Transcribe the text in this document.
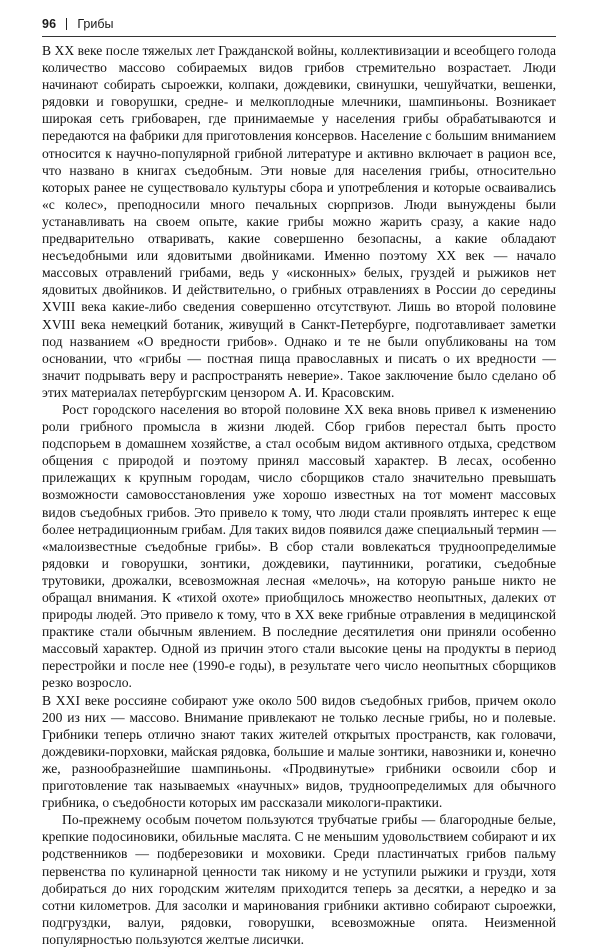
96 Грибы

В XX веке после тяжелых лет Гражданской войны, коллективизации и всеобщего голода количество массово собираемых видов грибов стремительно возрастает. Люди начинают собирать сыроежки, колпаки, дождевики, свинушки, чешуйчатки, вешенки, рядовки и говорушки, средне- и мелкоплодные млечники, шампиньоны. Возникает широкая сеть грибоварен, где принимаемые у населения грибы обрабатываются и передаются на фабрики для приготовления консервов. Население с большим вниманием относится к научно-популярной грибной литературе и активно включает в рацион все, что названо в книгах съедобным. Эти новые для населения грибы, относительно которых ранее не существовало культуры сбора и употребления и которые осваивались «с колес», преподносили много печальных сюрпризов. Люди вынуждены были устанавливать на своем опыте, какие грибы можно жарить сразу, а какие надо предварительно отваривать, какие совершенно безопасны, а какие обладают несъедобными или ядовитыми двойниками. Именно поэтому XX век — начало массовых отравлений грибами, ведь у «исконных» белых, груздей и рыжиков нет ядовитых двойников. И действительно, о грибных отравлениях в России до середины XVIII века какие-либо сведения совершенно отсутствуют. Лишь во второй половине XVIII века немецкий ботаник, живущий в Санкт-Петербурге, подготавливает заметки под названием «О вредности грибов». Однако и те не были опубликованы на том основании, что «грибы — постная пища православных и писать о их вредности — значит подрывать веру и распространять неверие». Такое заключение было сделано об этих материалах петербургским цензором А. И. Красовским.

Рост городского населения во второй половине XX века вновь привел к изменению роли грибного промысла в жизни людей. Сбор грибов перестал быть просто подспорьем в домашнем хозяйстве, а стал особым видом активного отдыха, средством общения с природой и поэтому принял массовый характер. В лесах, особенно прилежащих к крупным городам, число сборщиков стало значительно превышать возможности самовосстановления уже хорошо известных на тот момент массовых видов съедобных грибов. Это привело к тому, что люди стали проявлять интерес к еще более нетрадиционным грибам. Для таких видов появился даже специальный термин — «малоизвестные съедобные грибы». В сбор стали вовлекаться трудноопределимые рядовки и говорушки, зонтики, дождевики, паутинники, рогатики, съедобные трутовики, дрожалки, всевозможная лесная «мелочь», на которую раньше никто не обращал внимания. К «тихой охоте» приобщилось множество неопытных, далеких от природы людей. Это привело к тому, что в XX веке грибные отравления в медицинской практике стали обычным явлением. В последние десятилетия они приняли особенно массовый характер. Одной из причин этого стали высокие цены на продукты в период перестройки и после нее (1990-е годы), в результате чего число неопытных сборщиков резко возросло.

В XXI веке россияне собирают уже около 500 видов съедобных грибов, причем около 200 из них — массово. Внимание привлекают не только лесные грибы, но и полевые. Грибники теперь отлично знают таких жителей открытых пространств, как головачи, дождевики-порховки, майская рядовка, большие и малые зонтики, навозники и, конечно же, разнообразнейшие шампиньоны. «Продвинутые» грибники освоили сбор и приготовление так называемых «научных» видов, трудноопределимых для обычного грибника, о съедобности которых им рассказали микологи-практики.

По-прежнему особым почетом пользуются трубчатые грибы — благородные белые, крепкие подосиновики, обильные маслята. С не меньшим удовольствием собирают и их родственников — подберезовики и моховики. Среди пластинчатых грибов пальму первенства по кулинарной ценности так никому и не уступили рыжики и грузди, хотя добираться до них городским жителям приходится теперь за десятки, а нередко и за сотни километров. Для засолки и маринования грибники активно собирают сыроежки, подгруздки, валуи, рядовки, говорушки, всевозможные опята. Неизменной популярностью пользуются желтые лисички.
